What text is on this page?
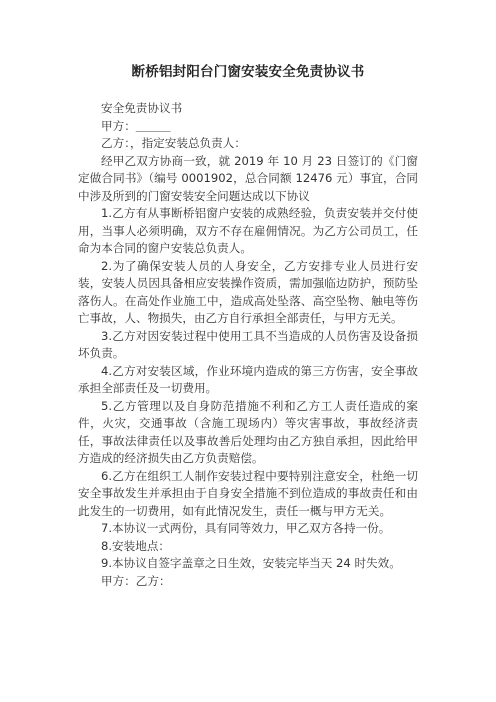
断桥铝封阳台门窗安装安全免责协议书

安全免责协议书

甲方：＿＿＿

乙方：，指定安装总负责人：

经甲乙双方协商一致，就 2019 年 10 月 23 日签订的《门窗定做合同书》（编号 0001902，总合同额 12476 元）事宜，合同中涉及所到的门窗安装安全问题达成以下协议

1.乙方有从事断桥铝窗户安装的成熟经验，负责安装并交付使用，当事人必须明确，双方不存在雇佣情况。为乙方公司员工，任命为本合同的窗户安装总负责人。

2.为了确保安装人员的人身安全，乙方安排专业人员进行安装，安装人员因具备相应安装操作资质，需加强临边防护，预防坠落伤人。在高处作业施工中，造成高处坠落、高空坠物、触电等伤亡事故，人、物损失，由乙方自行承担全部责任，与甲方无关。

3.乙方对因安装过程中使用工具不当造成的人员伤害及设备损坏负责。

4.乙方对安装区域，作业环境内造成的第三方伤害，安全事故承担全部责任及一切费用。

5.乙方管理以及自身防范措施不利和乙方工人责任造成的案件，火灾，交通事故（含施工现场内）等灾害事故，事故经济责任，事故法律责任以及事故善后处理均由乙方独自承担，因此给甲方造成的经济损失由乙方负责赔偿。

6.乙方在组织工人制作安装过程中要特别注意安全，杜绝一切安全事故发生并承担由于自身安全措施不到位造成的事故责任和由此发生的一切费用，如有此情况发生，责任一概与甲方无关。

7.本协议一式两份，具有同等效力，甲乙双方各持一份。

8.安装地点：

9.本协议自签字盖章之日生效，安装完毕当天 24 时失效。

甲方：乙方：
